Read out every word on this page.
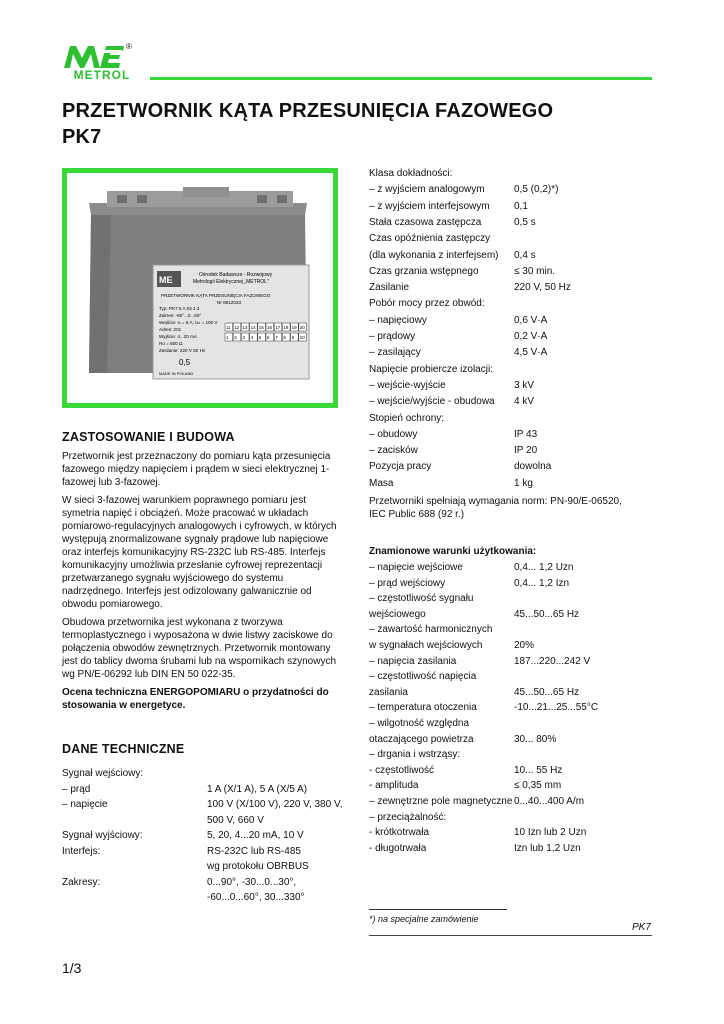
®
METROL
PRZETWORNIK KĄTA PRZESUNIĘCIA FAZOWEGO
PK7
ME	Ośrodek Badawczo - Rozwojowy
Metrologii Elektrycznej „METROL”
PRZETWORNIK KĄTA PRZESUNIĘCIA FAZOWEGO
Nr 8912033
Typ: PK7 5 A 03 4 3
Zakres: -60°...0...60°
Wejście: Iₙ = 5 A, Uₙ = 100 V
Adres: 201
Wyjście: 4...20 mA
Ro = 500 Ω
Zasilanie: 220 V 50 Hz
0,5
MADE IN POLAND
11 12 13 14 15 16 17 18 19 20
1 2 3 4 5 6 7 8 9 10
ZASTOSOWANIE I BUDOWA

Przetwornik jest przeznaczony do pomiaru kąta przesunięcia fazowego między napięciem i prądem w sieci elektrycznej 1-fazowej lub 3-fazowej.

W sieci 3-fazowej warunkiem poprawnego pomiaru jest symetria napięć i obciążeń. Może pracować w układach pomiarowo-regulacyjnych analogowych i cyfrowych, w których występują znormalizowane sygnały prądowe lub napięciowe oraz interfejs komunikacyjny RS-232C lub RS-485. Interfejs komunikacyjny umożliwia przesłanie cyfrowej reprezentacji przetwarzanego sygnału wyjściowego do systemu nadrzędnego. Interfejs jest odizolowany galwanicznie od obwodu pomiarowego.

Obudowa przetwornika jest wykonana z tworzywa termoplastycznego i wyposażona w dwie listwy zaciskowe do połączenia obwodów zewnętrznych. Przetwornik montowany jest do tablicy dwoma śrubami lub na wspornikach szynowych wg PN/E-06292 lub DIN EN 50 022-35.

Ocena techniczna ENERGOPOMIARU o przydatności do stosowania w energetyce.

DANE TECHNICZNE
Sygnał wejściowy:
– prąd	1 A (X/1 A), 5 A (X/5 A)
– napięcie	100 V (X/100 V), 220 V, 380 V,
500 V, 660 V
Sygnał wyjściowy:	5, 20, 4...20 mA, 10 V
Interfejs:	RS-232C lub RS-485
wg protokołu OBRBUS
Zakresy:	0...90°, -30...0...30°,
-60...0...60°, 30...330°
Klasa dokładności:
– z wyjściem analogowym	0,5 (0,2)*)
– z wyjściem interfejsowym 0,1
Stała czasowa zastępcza	0,5 s
Czas opóźnienia zastępczy
(dla wykonania z interfejsem) 0,4 s
Czas grzania wstępnego	≤ 30 min.
Zasilanie	220 V, 50 Hz
Pobór mocy przez obwód:
– napięciowy	0,6 V·A
– prądowy	0,2 V·A
– zasilający	4,5 V·A
Napięcie probiercze izolacji:
– wejście-wyjście	3 kV
– wejście/wyjście - obudowa 4 kV
Stopień ochrony:
– obudowy	IP 43
– zacisków	IP 20
Pozycja pracy	dowolna
Masa	1 kg
Przetworniki spełniają wymagania norm: PN-90/E-06520,
IEC Public 688 (92 r.)
Znamionowe warunki użytkowania:
– napięcie wejściowe	0,4... 1,2 Uzn
– prąd wejściowy	0,4... 1,2 Izn
– częstotliwość sygnału
wejściowego	45...50...65 Hz
– zawartość harmonicznych
w sygnałach wejściowych	20%
– napięcia zasilania	187...220...242 V
– częstotliwość napięcia
zasilania	45...50...65 Hz
– temperatura otoczenia	-10...21...25...55°C
– wilgotność względna
otaczającego powietrza	30... 80%
– drgania i wstrząsy:
- częstotliwość	10... 55 Hz
- amplituda	≤ 0,35 mm
– zewnętrzne pole magnetyczne 0...40...400 A/m
– przeciążalność:
- krótkotrwała	10 Izn lub 2 Uzn
- długotrwała	Izn lub 1,2 Uzn
*) na specjalne zamówienie
PK7
1/3
